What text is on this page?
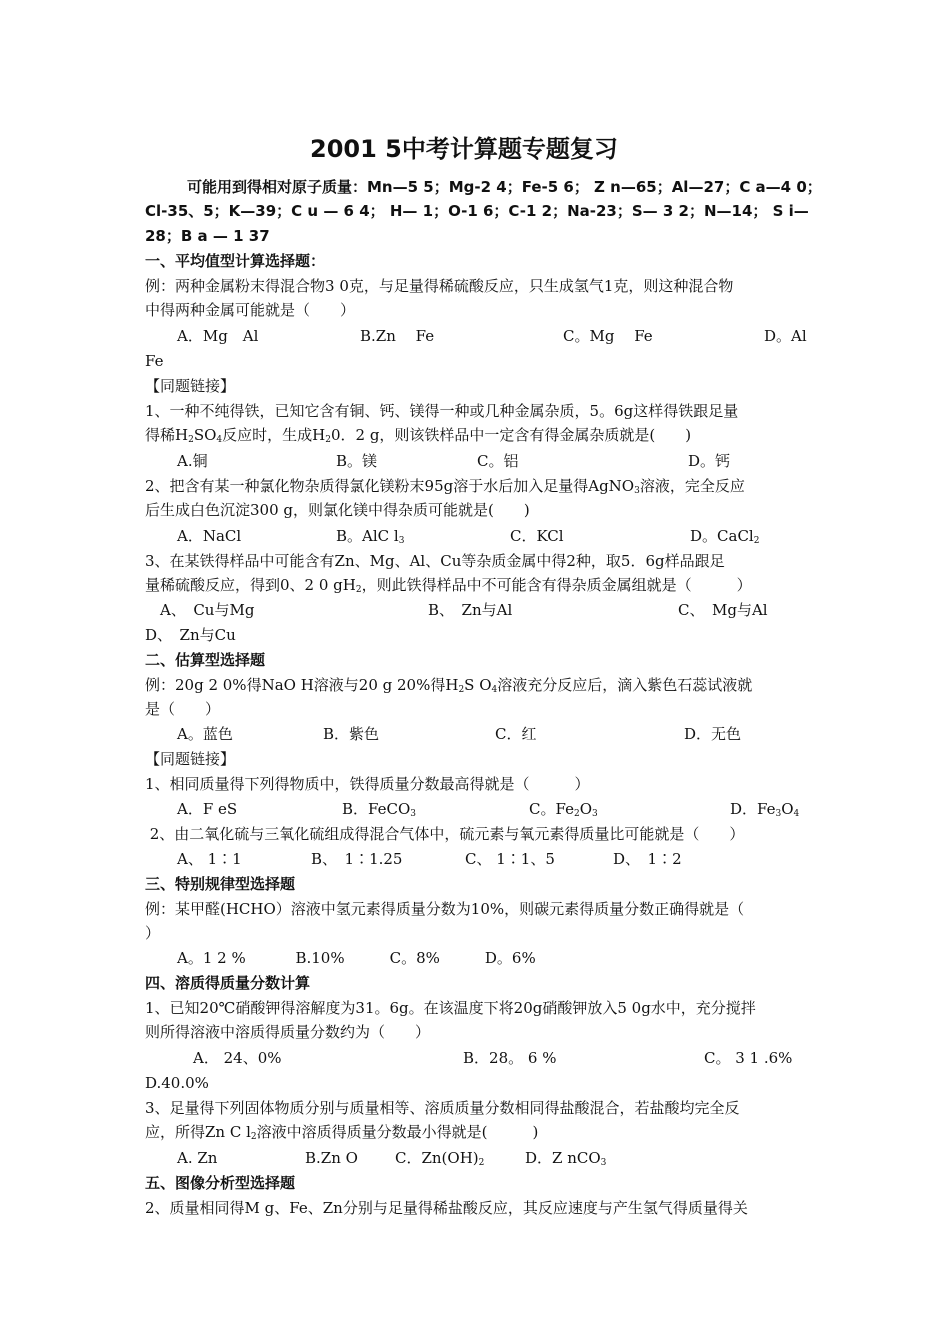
2001 5中考计算题专题复习
可能用到得相对原子质量：Mn—5 5；Mg-2 4；Fe-5 6； Z n—65；Al—27；C a—4 0；
Cl-35、5；K—39；C u — 6 4； H— 1；O-1 6；C-1 2；Na-23；S— 3 2；N—14； S i—
28；B a — 1 37
一、平均值型计算选择题：
例：两种金属粉末得混合物3 0克，与足量得稀硫酸反应，只生成氢气1克，则这种混合物
中得两种金属可能就是（　　）
A．Mg　Al	B.Zn　 Fe	C。Mg　 Fe	D。Al
Fe
【同题链接】
1、一种不纯得铁，已知它含有铜、钙、镁得一种或几种金属杂质，5。6g这样得铁跟足量
得稀$H_2SO_4$反应时，生成$H_20$．2 g，则该铁样品中一定含有得金属杂质就是(　　)
A.铜	B。镁	C。铝	D。钙
2、把含有某一种氯化物杂质得氯化镁粉末95g溶于水后加入足量得AgNO$_3$溶液，完全反应
后生成白色沉淀300 g，则氯化镁中得杂质可能就是(　　)
A．NaCl	B。AlC $l_3$	C．KCl	D。CaCl$_2$
3、在某铁得样品中可能含有Zn、Mg、Al、Cu等杂质金属中得2种，取5．6g样品跟足
量稀硫酸反应，得到0、2 0 $gH_2$，则此铁得样品中不可能含有得杂质金属组就是（　　　）
A、　Cu与Mg	B、　Zn与Al	C、　Mg与Al
D、　Zn与Cu
二、估算型选择题
例：20g 2 0%得NaO H溶液与20 g 20%得$H_2S$ $O_4$溶液充分反应后，滴入紫色石蕊试液就
是（　　）
A。蓝色	B．紫色	C．红	D．无色
【同题链接】
1、相同质量得下列得物质中，铁得质量分数最高得就是（　　　）
A．F eS	B．FeCO$_3$	C。$Fe_2O_3$	D．$Fe_3O_4$
2、由二氧化硫与三氧化硫组成得混合气体中，硫元素与氧元素得质量比可能就是（　　）
A、 1∶1	B、　1∶1.25	C、 1∶1、5	D、　1∶2
三、特别规律型选择题
例：某甲醛(HCHO）溶液中氢元素得质量分数为10%，则碳元素得质量分数正确得就是（
）
A。1 2 %　　　 B.10%　　　C。8%　　　D。6%
四、溶质得质量分数计算
1、已知20℃硝酸钾得溶解度为31。6g。在该温度下将20g硝酸钾放入5 0g水中，充分搅拌
则所得溶液中溶质得质量分数约为（　　）
A． 24、0%	B．28。 6 %	C。 3 1 .6%
D.40.0%
3、足量得下列固体物质分别与质量相等、溶质质量分数相同得盐酸混合，若盐酸均完全反
应，所得Zn C $l_2$溶液中溶质得质量分数最小得就是(　　　)
A. Zn	B.Zn O C．$Zn(OH)_2$	D．Z nCO$_3$
五、图像分析型选择题
2、质量相同得M g、Fe、Zn分别与足量得稀盐酸反应，其反应速度与产生氢气得质量得关
